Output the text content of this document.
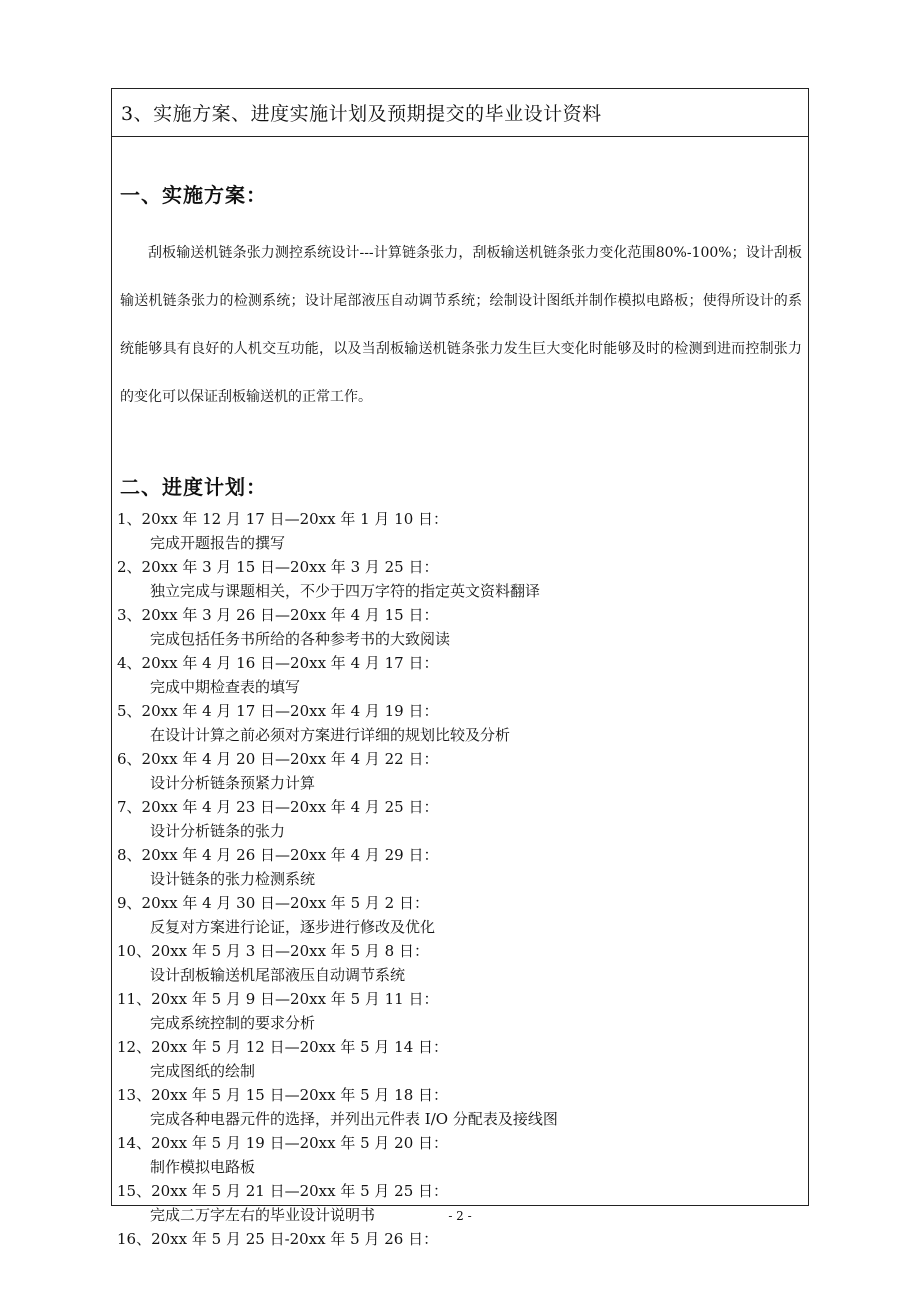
3、实施方案、进度实施计划及预期提交的毕业设计资料
一、实施方案：

刮板输送机链条张力测控系统设计---计算链条张力，刮板输送机链条张力变化范围80%-100%；设计刮板输送机链条张力的检测系统；设计尾部液压自动调节系统；绘制设计图纸并制作模拟电路板；使得所设计的系统能够具有良好的人机交互功能，以及当刮板输送机链条张力发生巨大变化时能够及时的检测到进而控制张力的变化可以保证刮板输送机的正常工作。

二、进度计划：
1、20xx 年 12 月 17 日—20xx 年 1 月 10 日：
完成开题报告的撰写
2、20xx 年 3 月 15 日—20xx 年 3 月 25 日：
独立完成与课题相关，不少于四万字符的指定英文资料翻译
3、20xx 年 3 月 26 日—20xx 年 4 月 15 日：
完成包括任务书所给的各种参考书的大致阅读
4、20xx 年 4 月 16 日—20xx 年 4 月 17 日：
完成中期检查表的填写
5、20xx 年 4 月 17 日—20xx 年 4 月 19 日：
在设计计算之前必须对方案进行详细的规划比较及分析
6、20xx 年 4 月 20 日—20xx 年 4 月 22 日：
设计分析链条预紧力计算
7、20xx 年 4 月 23 日—20xx 年 4 月 25 日：
设计分析链条的张力
8、20xx 年 4 月 26 日—20xx 年 4 月 29 日：
设计链条的张力检测系统
9、20xx 年 4 月 30 日—20xx 年 5 月 2 日：
反复对方案进行论证，逐步进行修改及优化
10、20xx 年 5 月 3 日—20xx 年 5 月 8 日：
设计刮板输送机尾部液压自动调节系统
11、20xx 年 5 月 9 日—20xx 年 5 月 11 日：
完成系统控制的要求分析
12、20xx 年 5 月 12 日—20xx 年 5 月 14 日：
完成图纸的绘制
13、20xx 年 5 月 15 日—20xx 年 5 月 18 日：
完成各种电器元件的选择，并列出元件表 I/O 分配表及接线图
14、20xx 年 5 月 19 日—20xx 年 5 月 20 日：
制作模拟电路板
15、20xx 年 5 月 21 日—20xx 年 5 月 25 日：
完成二万字左右的毕业设计说明书
16、20xx 年 5 月 25 日-20xx 年 5 月 26 日：
- 2 -
